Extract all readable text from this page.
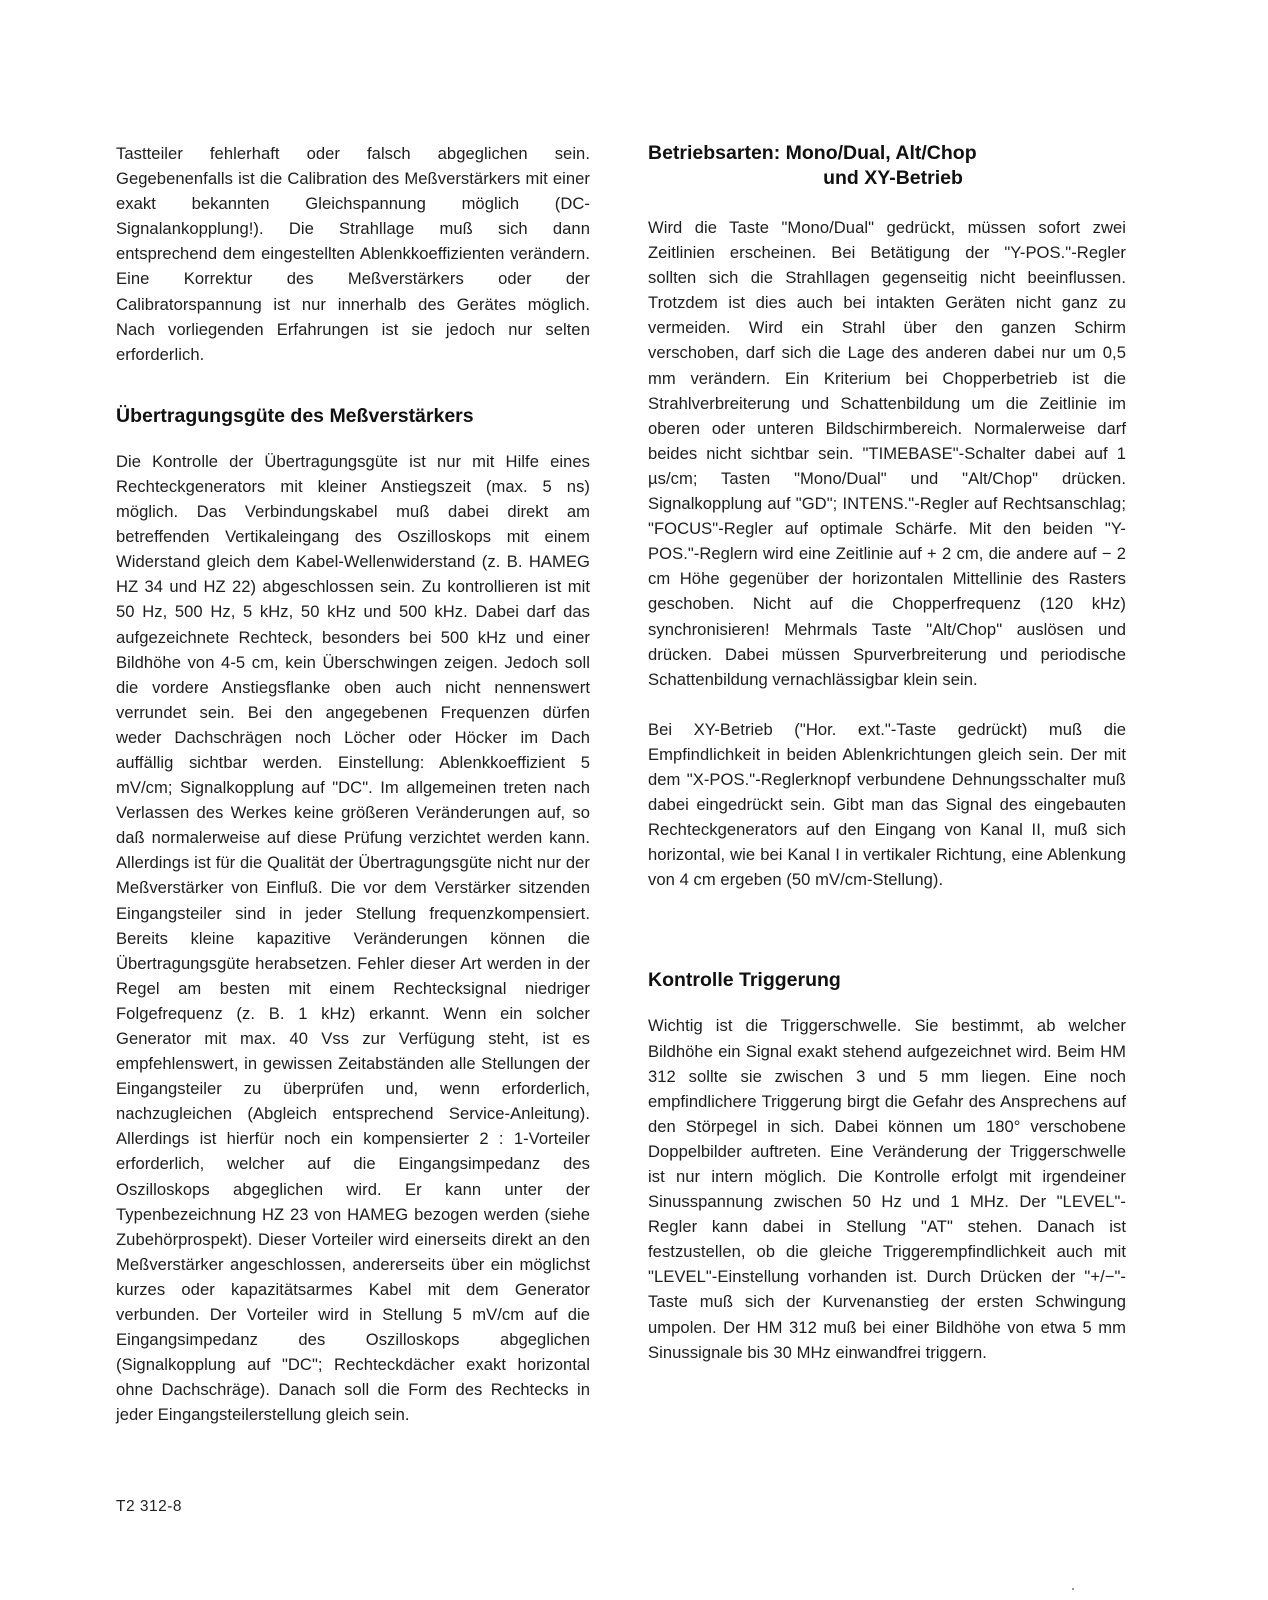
Tastteiler fehlerhaft oder falsch abgeglichen sein. Gegebenenfalls ist die Calibration des Meßverstärkers mit einer exakt bekannten Gleichspannung möglich (DC-Signalankopplung!). Die Strahllage muß sich dann entsprechend dem eingestellten Ablenkkoeffizienten verändern. Eine Korrektur des Meßverstärkers oder der Calibratorspannung ist nur innerhalb des Gerätes möglich. Nach vorliegenden Erfahrungen ist sie jedoch nur selten erforderlich.

Übertragungsgüte des Meßverstärkers

Die Kontrolle der Übertragungsgüte ist nur mit Hilfe eines Rechteckgenerators mit kleiner Anstiegszeit (max. 5 ns) möglich. Das Verbindungskabel muß dabei direkt am betreffenden Vertikaleingang des Oszilloskops mit einem Widerstand gleich dem Kabel-Wellenwiderstand (z. B. HAMEG HZ 34 und HZ 22) abgeschlossen sein. Zu kontrollieren ist mit 50 Hz, 500 Hz, 5 kHz, 50 kHz und 500 kHz. Dabei darf das aufgezeichnete Rechteck, besonders bei 500 kHz und einer Bildhöhe von 4-5 cm, kein Überschwingen zeigen. Jedoch soll die vordere Anstiegsflanke oben auch nicht nennenswert verrundet sein. Bei den angegebenen Frequenzen dürfen weder Dachschrägen noch Löcher oder Höcker im Dach auffällig sichtbar werden. Einstellung: Ablenkkoeffizient 5 mV/cm; Signalkopplung auf "DC". Im allgemeinen treten nach Verlassen des Werkes keine größeren Veränderungen auf, so daß normalerweise auf diese Prüfung verzichtet werden kann. Allerdings ist für die Qualität der Übertragungsgüte nicht nur der Meßverstärker von Einfluß. Die vor dem Verstärker sitzenden Eingangsteiler sind in jeder Stellung frequenzkompensiert. Bereits kleine kapazitive Veränderungen können die Übertragungsgüte herabsetzen. Fehler dieser Art werden in der Regel am besten mit einem Rechtecksignal niedriger Folgefrequenz (z. B. 1 kHz) erkannt. Wenn ein solcher Generator mit max. 40 Vss zur Verfügung steht, ist es empfehlenswert, in gewissen Zeitabständen alle Stellungen der Eingangsteiler zu überprüfen und, wenn erforderlich, nachzugleichen (Abgleich entsprechend Service-Anleitung). Allerdings ist hierfür noch ein kompensierter 2 : 1-Vorteiler erforderlich, welcher auf die Eingangsimpedanz des Oszilloskops abgeglichen wird. Er kann unter der Typenbezeichnung HZ 23 von HAMEG bezogen werden (siehe Zubehörprospekt). Dieser Vorteiler wird einerseits direkt an den Meßverstärker angeschlossen, andererseits über ein möglichst kurzes oder kapazitätsarmes Kabel mit dem Generator verbunden. Der Vorteiler wird in Stellung 5 mV/cm auf die Eingangsimpedanz des Oszilloskops abgeglichen (Signalkopplung auf "DC"; Rechteckdächer exakt horizontal ohne Dachschräge). Danach soll die Form des Rechtecks in jeder Eingangsteilerstellung gleich sein.

Betriebsarten: Mono/Dual, Alt/Chop
und XY-Betrieb

Wird die Taste "Mono/Dual" gedrückt, müssen sofort zwei Zeitlinien erscheinen. Bei Betätigung der "Y-POS."-Regler sollten sich die Strahllagen gegenseitig nicht beeinflussen. Trotzdem ist dies auch bei intakten Geräten nicht ganz zu vermeiden. Wird ein Strahl über den ganzen Schirm verschoben, darf sich die Lage des anderen dabei nur um 0,5 mm verändern. Ein Kriterium bei Chopperbetrieb ist die Strahlverbreiterung und Schattenbildung um die Zeitlinie im oberen oder unteren Bildschirmbereich. Normalerweise darf beides nicht sichtbar sein. "TIMEBASE"-Schalter dabei auf 1 µs/cm; Tasten "Mono/Dual" und "Alt/Chop" drücken. Signalkopplung auf "GD"; INTENS."-Regler auf Rechtsanschlag; "FOCUS"-Regler auf optimale Schärfe. Mit den beiden "Y-POS."-Reglern wird eine Zeitlinie auf + 2 cm, die andere auf − 2 cm Höhe gegenüber der horizontalen Mittellinie des Rasters geschoben. Nicht auf die Chopperfrequenz (120 kHz) synchronisieren! Mehrmals Taste "Alt/Chop" auslösen und drücken. Dabei müssen Spurverbreiterung und periodische Schattenbildung vernachlässigbar klein sein.

Bei XY-Betrieb ("Hor. ext."-Taste gedrückt) muß die Empfindlichkeit in beiden Ablenkrichtungen gleich sein. Der mit dem "X-POS."-Reglerknopf verbundene Dehnungsschalter muß dabei eingedrückt sein. Gibt man das Signal des eingebauten Rechteckgenerators auf den Eingang von Kanal II, muß sich horizontal, wie bei Kanal I in vertikaler Richtung, eine Ablenkung von 4 cm ergeben (50 mV/cm-Stellung).

Kontrolle Triggerung

Wichtig ist die Triggerschwelle. Sie bestimmt, ab welcher Bildhöhe ein Signal exakt stehend aufgezeichnet wird. Beim HM 312 sollte sie zwischen 3 und 5 mm liegen. Eine noch empfindlichere Triggerung birgt die Gefahr des Ansprechens auf den Störpegel in sich. Dabei können um 180° verschobene Doppelbilder auftreten. Eine Veränderung der Triggerschwelle ist nur intern möglich. Die Kontrolle erfolgt mit irgendeiner Sinusspannung zwischen 50 Hz und 1 MHz. Der "LEVEL"-Regler kann dabei in Stellung "AT" stehen. Danach ist festzustellen, ob die gleiche Triggerempfindlichkeit auch mit "LEVEL"-Einstellung vorhanden ist. Durch Drücken der "+/−"-Taste muß sich der Kurvenanstieg der ersten Schwingung umpolen. Der HM 312 muß bei einer Bildhöhe von etwa 5 mm Sinussignale bis 30 MHz einwandfrei triggern.

T2 312-8
